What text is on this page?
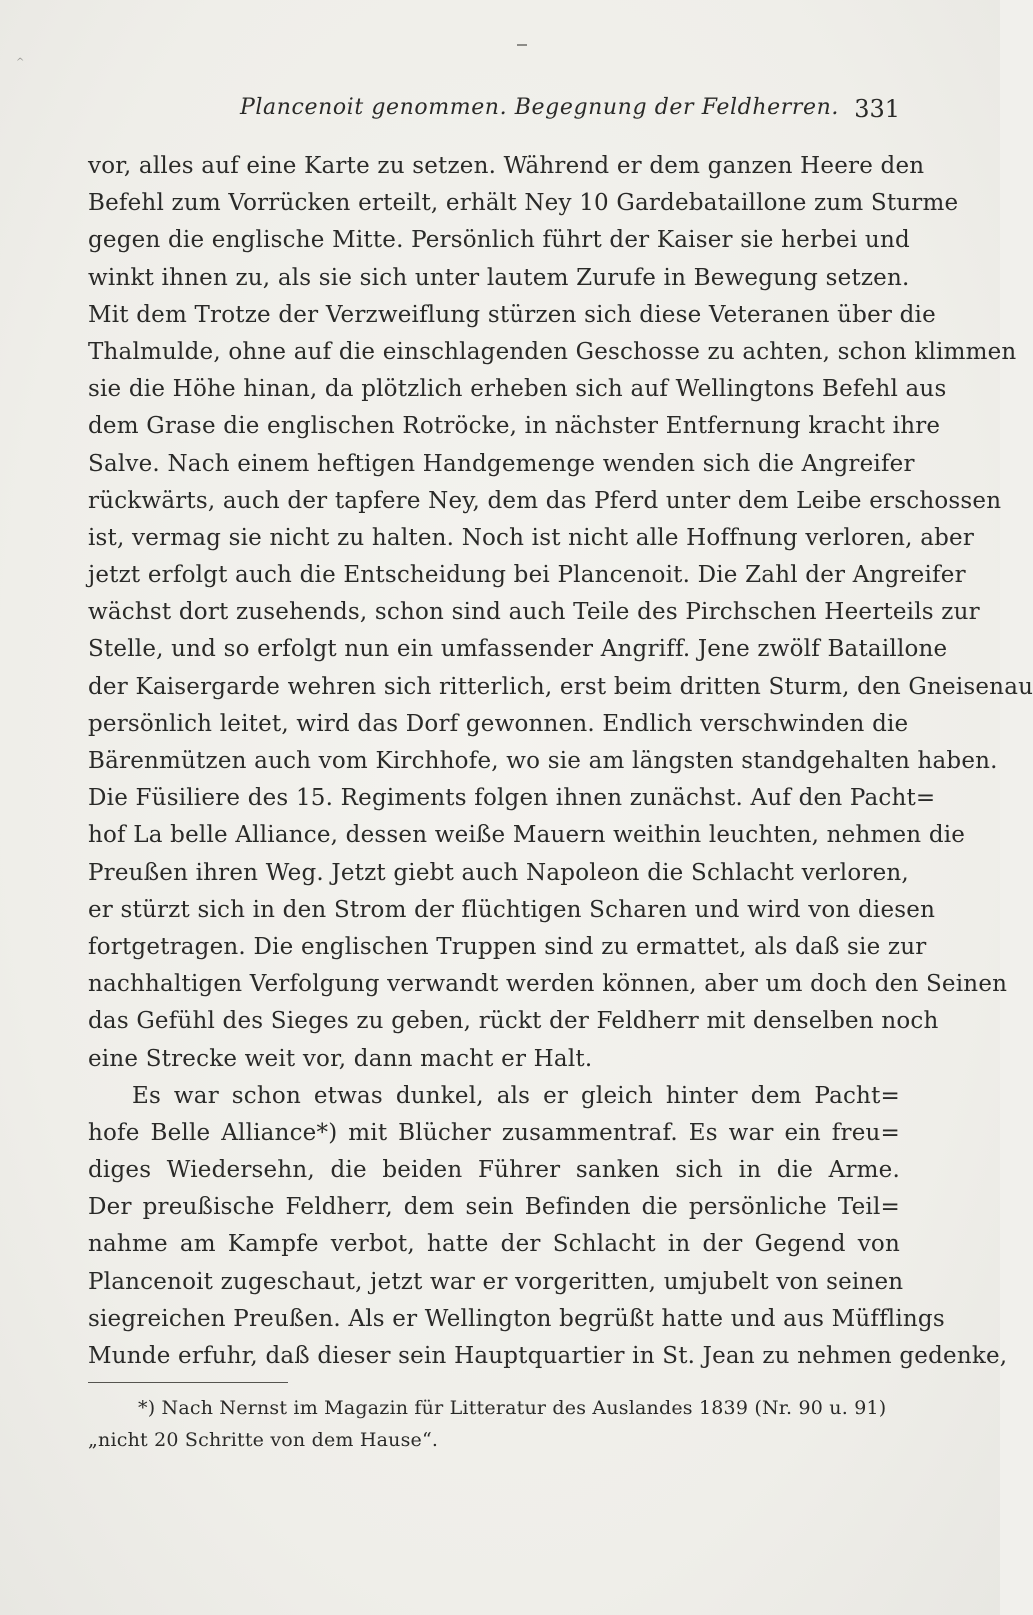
^
Plancenoit genommen. Begegnung der Feldherren. 331
vor, alles auf eine Karte zu setzen. Während er dem ganzen Heere den
Befehl zum Vorrücken erteilt, erhält Ney 10 Gardebataillone zum Sturme
gegen die englische Mitte. Persönlich führt der Kaiser sie herbei und
winkt ihnen zu, als sie sich unter lautem Zurufe in Bewegung setzen.
Mit dem Trotze der Verzweiflung stürzen sich diese Veteranen über die
Thalmulde, ohne auf die einschlagenden Geschosse zu achten, schon klimmen
sie die Höhe hinan, da plötzlich erheben sich auf Wellingtons Befehl aus
dem Grase die englischen Rotröcke, in nächster Entfernung kracht ihre
Salve. Nach einem heftigen Handgemenge wenden sich die Angreifer
rückwärts, auch der tapfere Ney, dem das Pferd unter dem Leibe erschossen
ist, vermag sie nicht zu halten. Noch ist nicht alle Hoffnung verloren, aber
jetzt erfolgt auch die Entscheidung bei Plancenoit. Die Zahl der Angreifer
wächst dort zusehends, schon sind auch Teile des Pirchschen Heerteils zur
Stelle, und so erfolgt nun ein umfassender Angriff. Jene zwölf Bataillone
der Kaisergarde wehren sich ritterlich, erst beim dritten Sturm, den Gneisenau
persönlich leitet, wird das Dorf gewonnen. Endlich verschwinden die
Bärenmützen auch vom Kirchhofe, wo sie am längsten standgehalten haben.
Die Füsiliere des 15. Regiments folgen ihnen zunächst. Auf den Pacht=
hof La belle Alliance, dessen weiße Mauern weithin leuchten, nehmen die
Preußen ihren Weg. Jetzt giebt auch Napoleon die Schlacht verloren,
er stürzt sich in den Strom der flüchtigen Scharen und wird von diesen
fortgetragen. Die englischen Truppen sind zu ermattet, als daß sie zur
nachhaltigen Verfolgung verwandt werden können, aber um doch den Seinen
das Gefühl des Sieges zu geben, rückt der Feldherr mit denselben noch
eine Strecke weit vor, dann macht er Halt.
Es war schon etwas dunkel, als er gleich hinter dem Pacht=
hofe Belle Alliance*) mit Blücher zusammentraf. Es war ein freu=
diges Wiedersehn, die beiden Führer sanken sich in die Arme.
Der preußische Feldherr, dem sein Befinden die persönliche Teil=
nahme am Kampfe verbot, hatte der Schlacht in der Gegend von
Plancenoit zugeschaut, jetzt war er vorgeritten, umjubelt von seinen
siegreichen Preußen. Als er Wellington begrüßt hatte und aus Müfflings
Munde erfuhr, daß dieser sein Hauptquartier in St. Jean zu nehmen gedenke,
*) Nach Nernst im Magazin für Litteratur des Auslandes 1839 (Nr. 90 u. 91)
„nicht 20 Schritte von dem Hause“.
